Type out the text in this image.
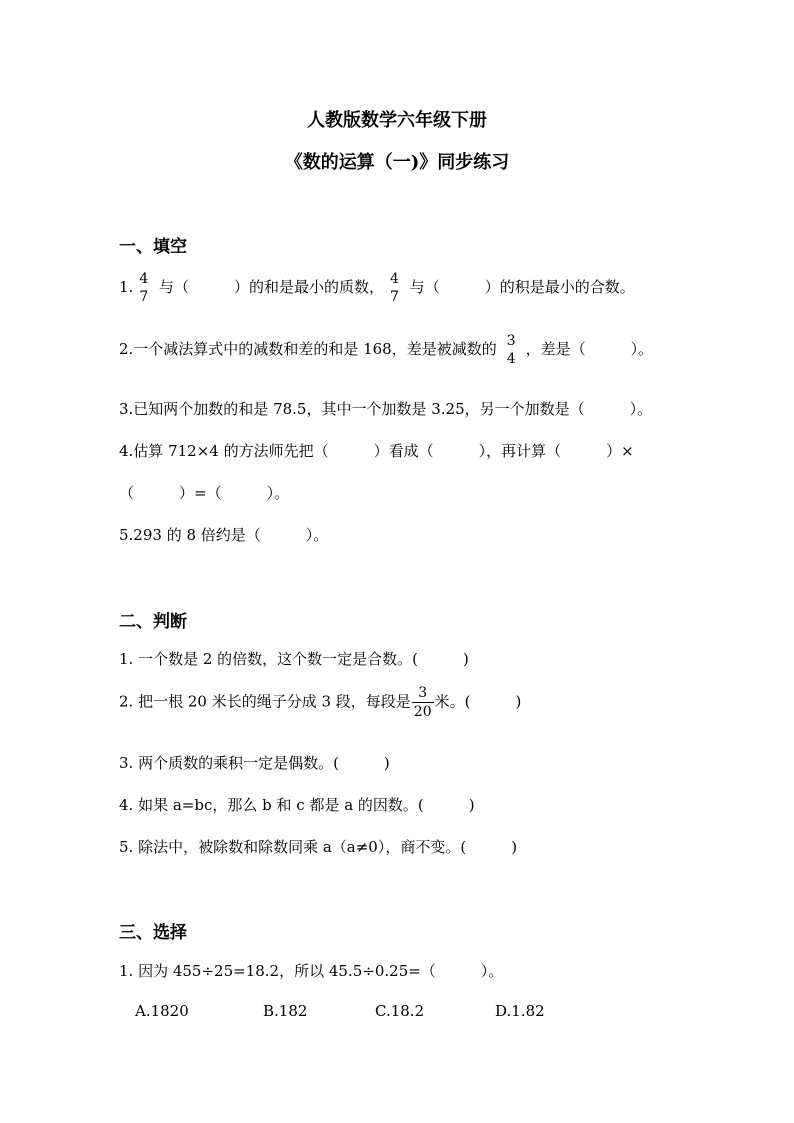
人教版数学六年级下册
《数的运算（一)》同步练习
一、填空
1. 4
7
与（　　　）的和是最小的质数， 4
7
与（　　　）的积是最小的合数。
2.一个减法算式中的减数和差的和是 168，差是被减数的 3
4
，差是（　　　）。
3.已知两个加数的和是 78.5，其中一个加数是 3.25，另一个加数是（　　　）。
4.估算 712×4 的方法师先把（　　　）看成（　　　），再计算（　　　）×
（　　　）=（　　　）。
5.293 的 8 倍约是（　　　）。
二、判断
1. 一个数是 2 的倍数，这个数一定是合数。(　　　)
2. 把一根 20 米长的绳子分成 3 段，每段是 $\frac{3}{20}$ 米。(　　　)
3. 两个质数的乘积一定是偶数。(　　　)
4. 如果 a=bc，那么 b 和 c 都是 a 的因数。(　　　)
5. 除法中，被除数和除数同乘 a（a≠0），商不变。(　　　)
三、选择
1. 因为 455÷25=18.2，所以 45.5÷0.25=（　　　）。
A.1820	B.182	C.18.2	D.1.82
